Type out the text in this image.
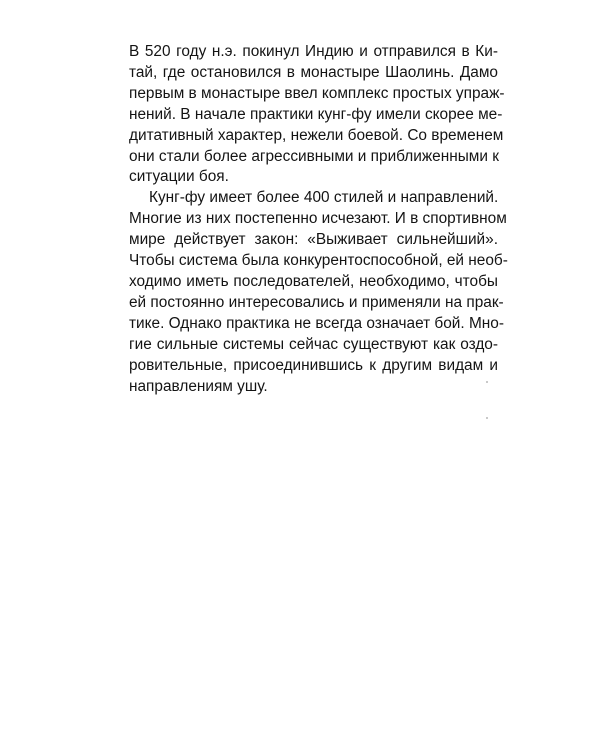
В 520 году н.э. покинул Индию и отправился в Ки-
тай, где остановился в монастыре Шаолинь. Дамо
первым в монастыре ввел комплекс простых упраж-
нений. В начале практики кунг-фу имели скорее ме-
дитативный характер, нежели боевой. Со временем
они стали более агрессивными и приближенными к
ситуации боя.
Кунг-фу имеет более 400 стилей и направлений.
Многие из них постепенно исчезают. И в спортивном
мире действует закон: «Выживает сильнейший».
Чтобы система была конкурентоспособной, ей необ-
ходимо иметь последователей, необходимо, чтобы
ей постоянно интересовались и применяли на прак-
тике. Однако практика не всегда означает бой. Мно-
гие сильные системы сейчас существуют как оздо-
ровительные, присоединившись к другим видам и
направлениям ушу.
